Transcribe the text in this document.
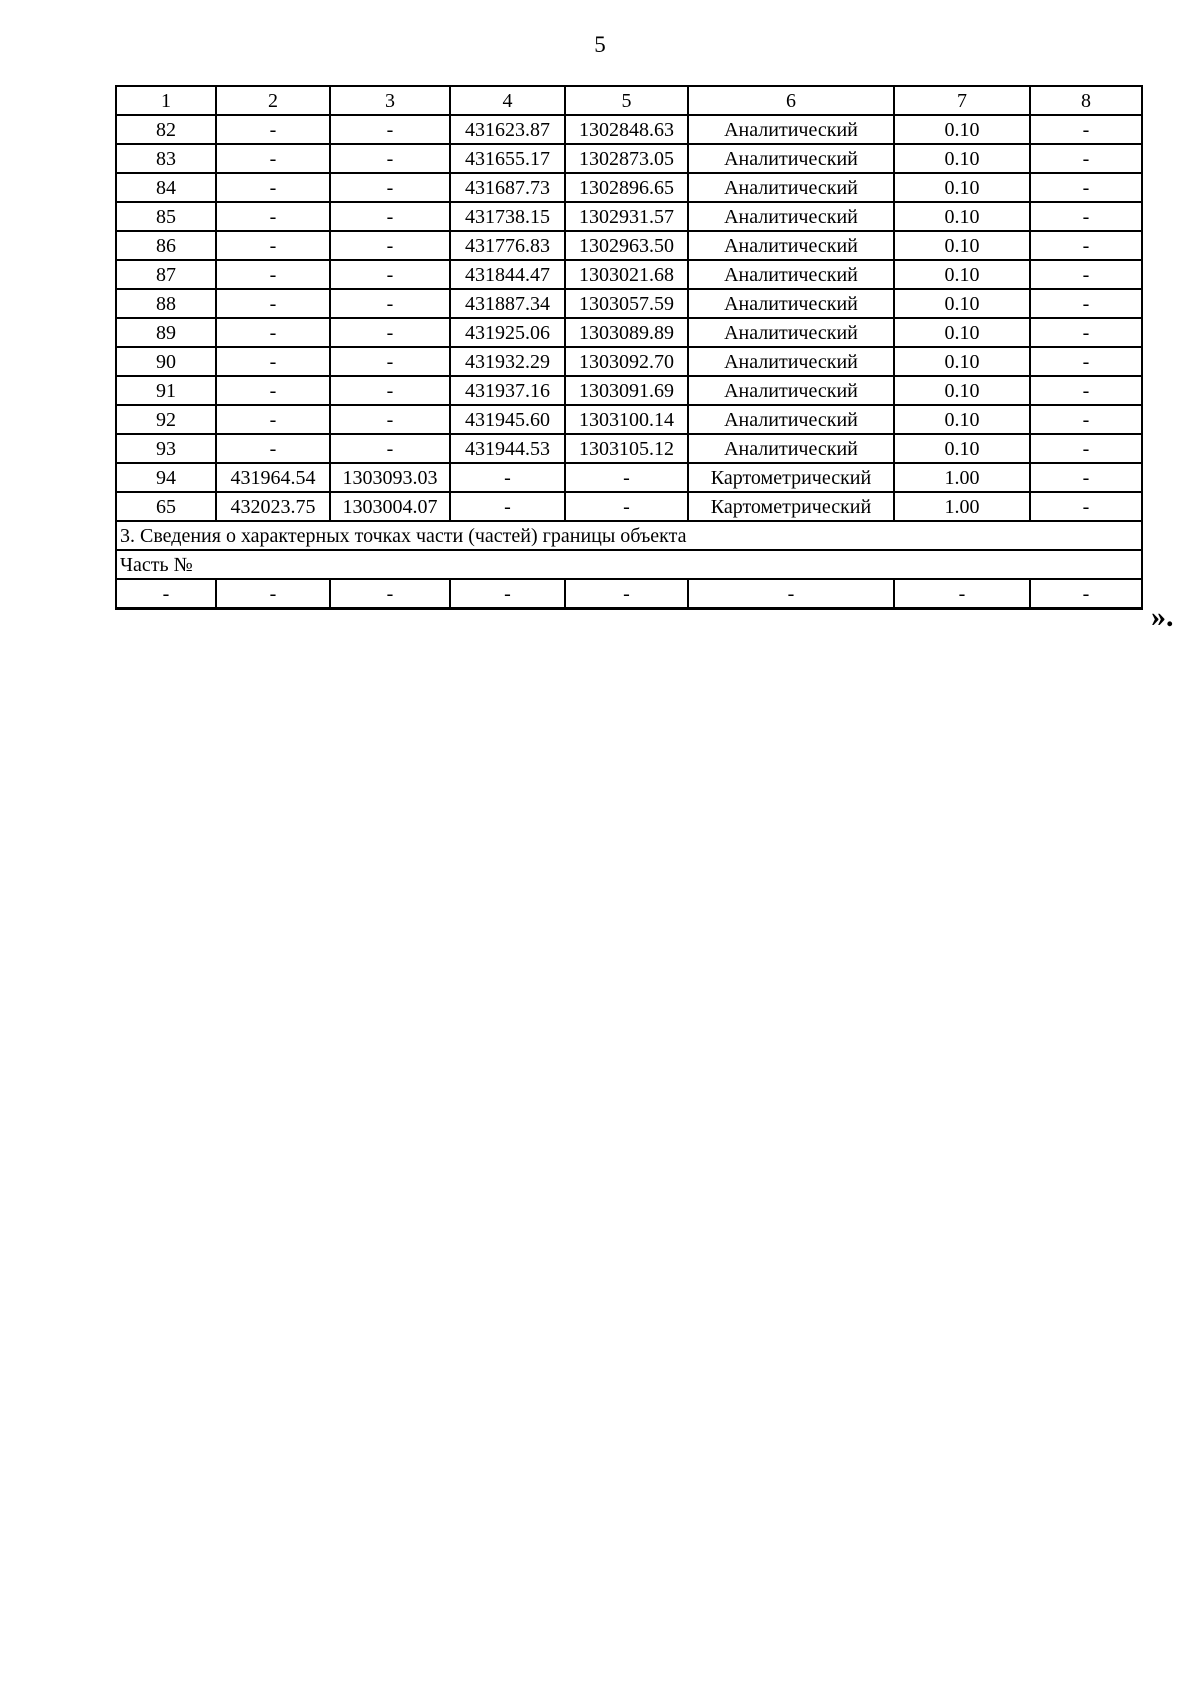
5
1	2	3	4	5	6	7	8
82	-	-	431623.87	1302848.63	Аналитический	0.10	-
83	-	-	431655.17	1302873.05	Аналитический	0.10	-
84	-	-	431687.73	1302896.65	Аналитический	0.10	-
85	-	-	431738.15	1302931.57	Аналитический	0.10	-
86	-	-	431776.83	1302963.50	Аналитический	0.10	-
87	-	-	431844.47	1303021.68	Аналитический	0.10	-
88	-	-	431887.34	1303057.59	Аналитический	0.10	-
89	-	-	431925.06	1303089.89	Аналитический	0.10	-
90	-	-	431932.29	1303092.70	Аналитический	0.10	-
91	-	-	431937.16	1303091.69	Аналитический	0.10	-
92	-	-	431945.60	1303100.14	Аналитический	0.10	-
93	-	-	431944.53	1303105.12	Аналитический	0.10	-
94	431964.54	1303093.03	-	-	Картометрический	1.00	-
65	432023.75	1303004.07	-	-	Картометрический	1.00	-
3. Сведения о характерных точках части (частей) границы объекта							
Часть №							
-	-	-	-	-	-	-	-
».
